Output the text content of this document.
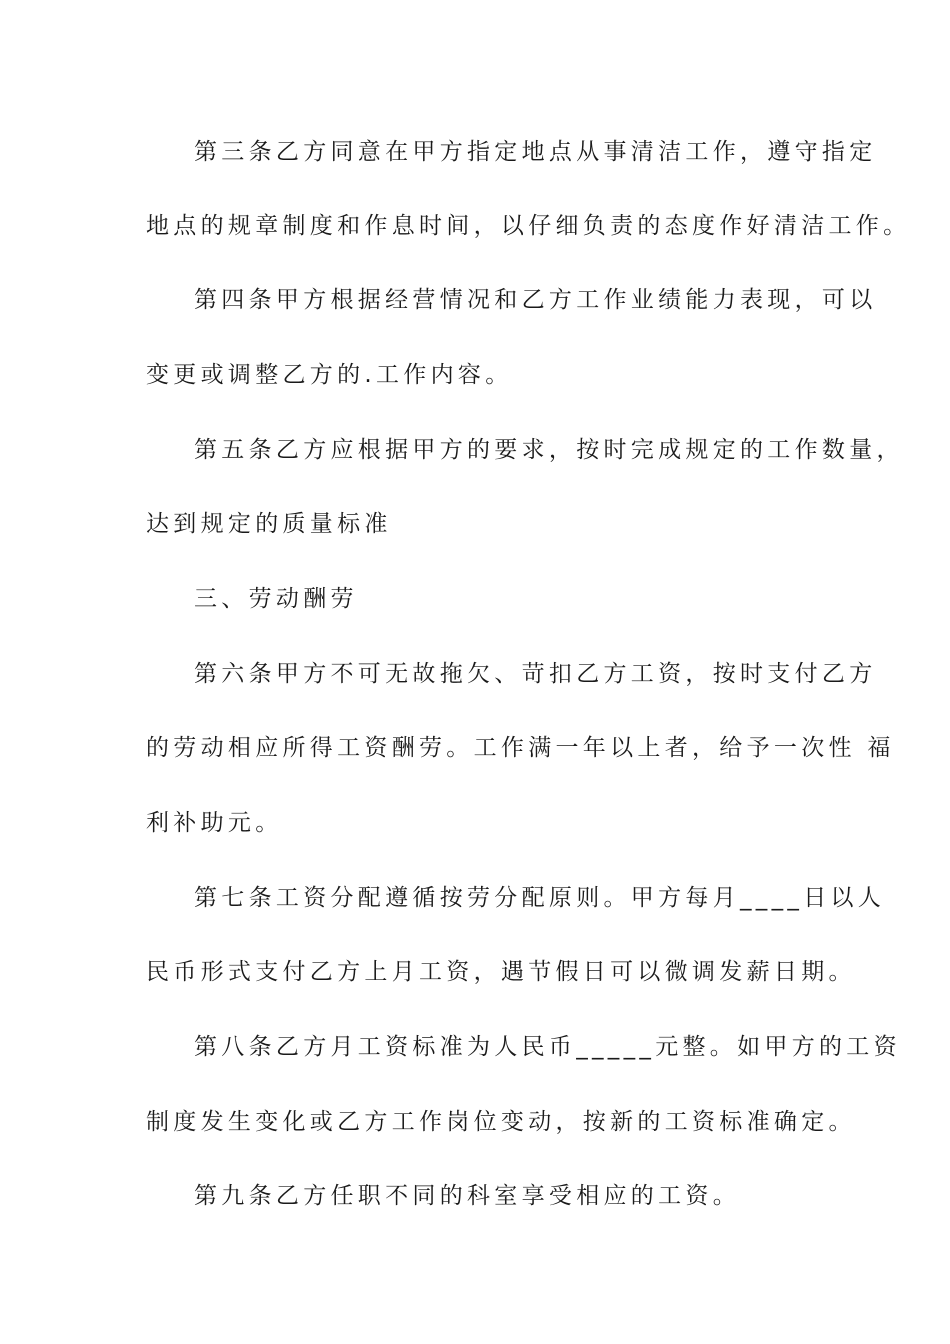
第三条乙方同意在甲方指定地点从事清洁工作，遵守指定
地点的规章制度和作息时间，以仔细负责的态度作好清洁工作。
第四条甲方根据经营情况和乙方工作业绩能力表现，可以
变更或调整乙方的.工作内容。
第五条乙方应根据甲方的要求，按时完成规定的工作数量，
达到规定的质量标准
三、劳动酬劳
第六条甲方不可无故拖欠、苛扣乙方工资，按时支付乙方
的劳动相应所得工资酬劳。工作满一年以上者，给予一次性 福
利补助元。
第七条工资分配遵循按劳分配原则。甲方每月____日以人
民币形式支付乙方上月工资，遇节假日可以微调发薪日期。
第八条乙方月工资标准为人民币_____元整。如甲方的工资
制度发生变化或乙方工作岗位变动，按新的工资标准确定。
第九条乙方任职不同的科室享受相应的工资。
